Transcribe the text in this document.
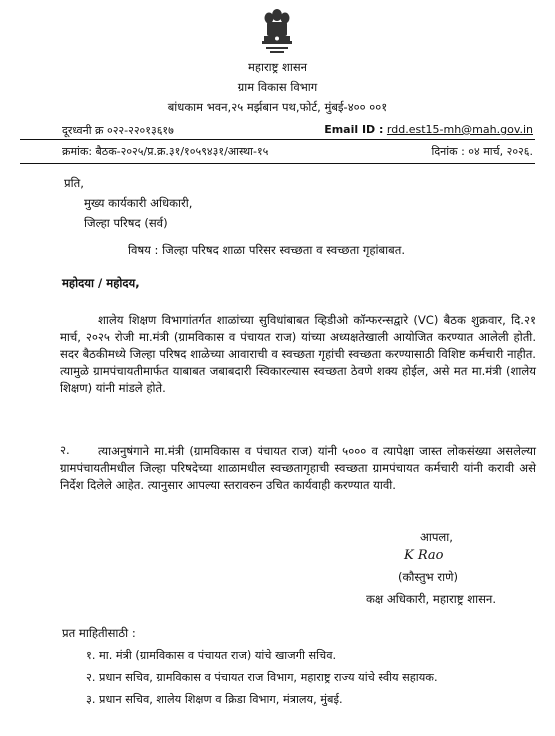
महाराष्ट्र शासन
ग्राम विकास विभाग
बांधकाम भवन,२५ मर्झबान पथ,फोर्ट, मुंबई-४०० ००१
दूरध्वनी क्र ०२२-२२०१३६१७	Email ID : rdd.est15-mh@mah.gov.in
क्रमांक: बैठक-२०२५/प्र.क्र.३१/१०५९४३१/आस्था-१५	दिनांक : ०४ मार्च, २०२६.
प्रति,
मुख्य कार्यकारी अधिकारी,
जिल्हा परिषद (सर्व)
विषय : जिल्हा परिषद शाळा परिसर स्वच्छता व स्वच्छता गृहांबाबत.
महोदया / महोदय,
शालेय शिक्षण विभागांतर्गत शाळांच्या सुविधांबाबत व्हिडीओ कॉन्फरन्सद्वारे (VC) बैठक शुक्रवार, दि.२१ मार्च, २०२५ रोजी मा.मंत्री (ग्रामविकास व पंचायत राज) यांच्या अध्यक्षतेखाली आयोजित करण्यात आलेली होती. सदर बैठकीमध्ये जिल्हा परिषद शाळेच्या आवाराची व स्वच्छता गृहांची स्वच्छता करण्यासाठी विशिष्ट कर्मचारी नाहीत. त्यामुळे ग्रामपंचायतीमार्फत याबाबत जबाबदारी स्विकारल्यास स्वच्छता ठेवणे शक्य होईल, असे मत मा.मंत्री (शालेय शिक्षण) यांनी मांडले होते.
२.	त्याअनुषंगाने मा.मंत्री (ग्रामविकास व पंचायत राज) यांनी ५००० व त्यापेक्षा जास्त लोकसंख्या असलेल्या ग्रामपंचायतीमधील जिल्हा परिषदेच्या शाळामधील स्वच्छतागृहाची स्वच्छता ग्रामपंचायत कर्मचारी यांनी करावी असे निर्देश दिलेले आहेत. त्यानुसार आपल्या स्तरावरुन उचित कार्यवाही करण्यात यावी.
आपला,
K Rao
(कौस्तुभ राणे)
कक्ष अधिकारी, महाराष्ट्र शासन.
प्रत माहितीसाठी :
१. मा. मंत्री (ग्रामविकास व पंचायत राज) यांचे खाजगी सचिव.
२. प्रधान सचिव, ग्रामविकास व पंचायत राज विभाग, महाराष्ट्र राज्य यांचे स्वीय सहायक.
३. प्रधान सचिव, शालेय शिक्षण व क्रिडा विभाग, मंत्रालय, मुंबई.
